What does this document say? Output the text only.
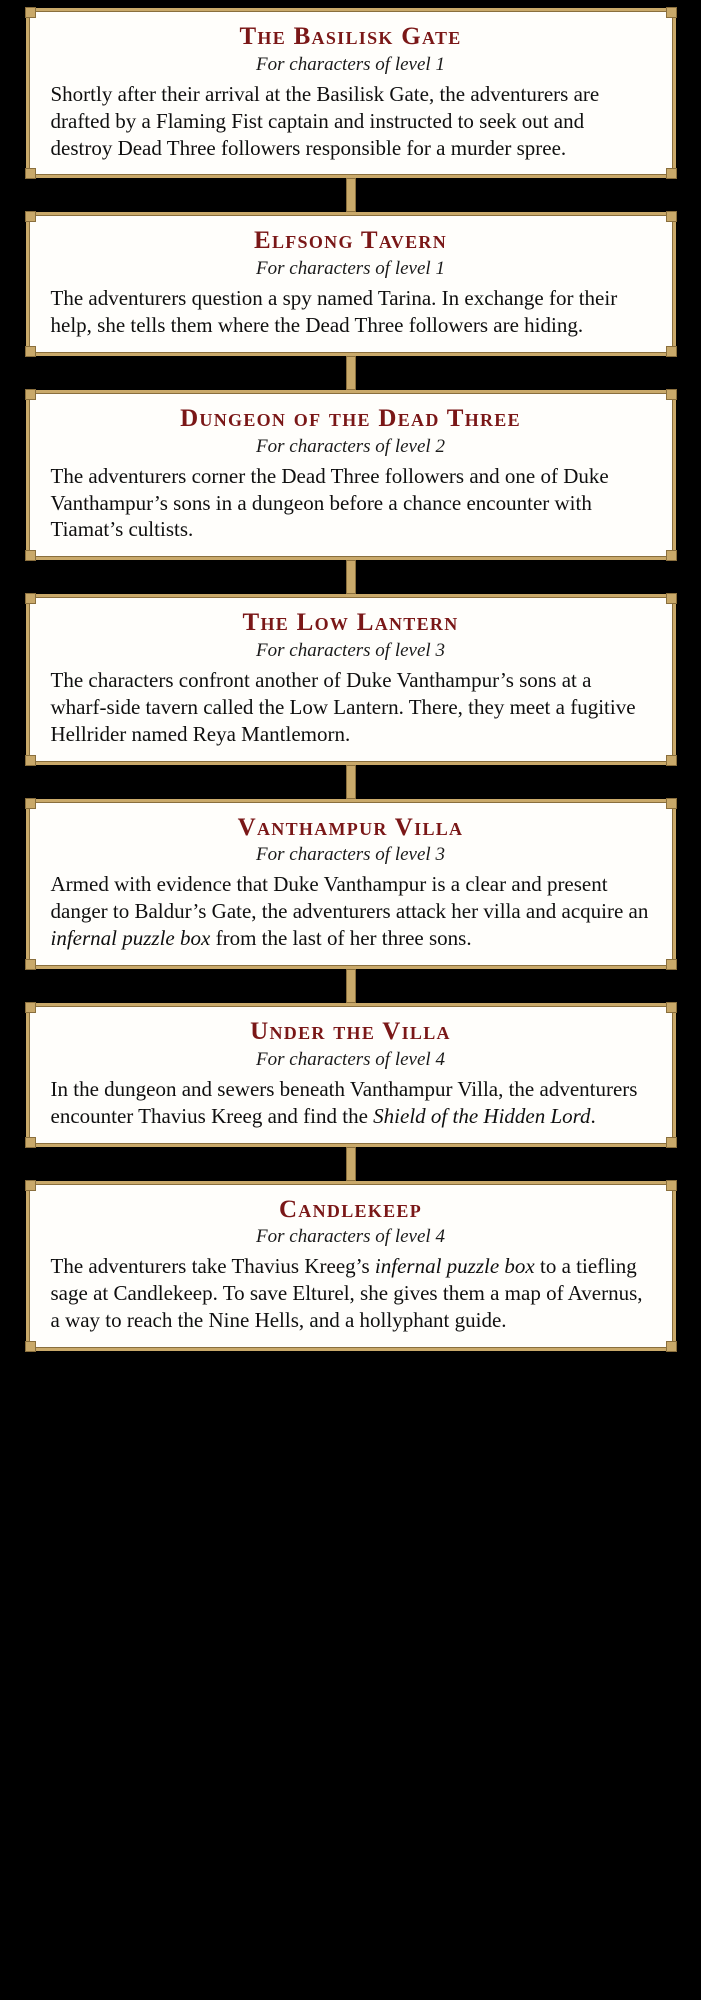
The Basilisk Gate
For characters of level 1
Shortly after their arrival at the Basilisk Gate, the adventurers are drafted by a Flaming Fist captain and instructed to seek out and destroy Dead Three followers responsible for a murder spree.
Elfsong Tavern
For characters of level 1
The adventurers question a spy named Tarina. In exchange for their help, she tells them where the Dead Three followers are hiding.
Dungeon of the Dead Three
For characters of level 2
The adventurers corner the Dead Three followers and one of Duke Vanthampur’s sons in a dungeon before a chance encounter with Tiamat’s cultists.
The Low Lantern
For characters of level 3
The characters confront another of Duke Vanthampur’s sons at a wharf-side tavern called the Low Lantern. There, they meet a fugitive Hellrider named Reya Mantlemorn.
Vanthampur Villa
For characters of level 3
Armed with evidence that Duke Vanthampur is a clear and present danger to Baldur’s Gate, the adventurers attack her villa and acquire an infernal puzzle box from the last of her three sons.
Under the Villa
For characters of level 4
In the dungeon and sewers beneath Vanthampur Villa, the adventurers encounter Thavius Kreeg and find the Shield of the Hidden Lord.
Candlekeep
For characters of level 4
The adventurers take Thavius Kreeg’s infernal puzzle box to a tiefling sage at Candlekeep. To save Elturel, she gives them a map of Avernus, a way to reach the Nine Hells, and a hollyphant guide.
